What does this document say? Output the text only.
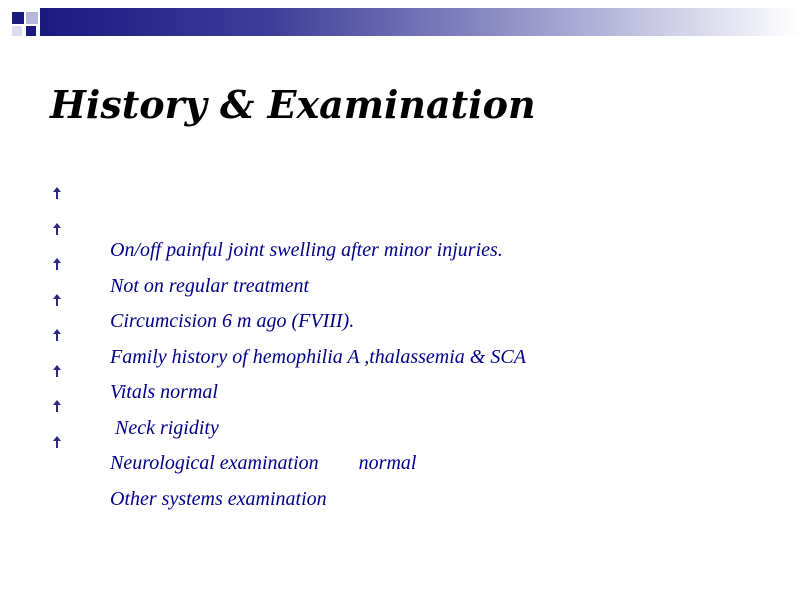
History & Examination

On/off painful joint swelling after minor injuries.

Not on regular treatment

Circumcision 6 m ago (FVIII).

Family history of hemophilia A ,thalassemia & SCA

Vitals normal

Neck rigidity

Neurological examination        normal

Other systems examination
